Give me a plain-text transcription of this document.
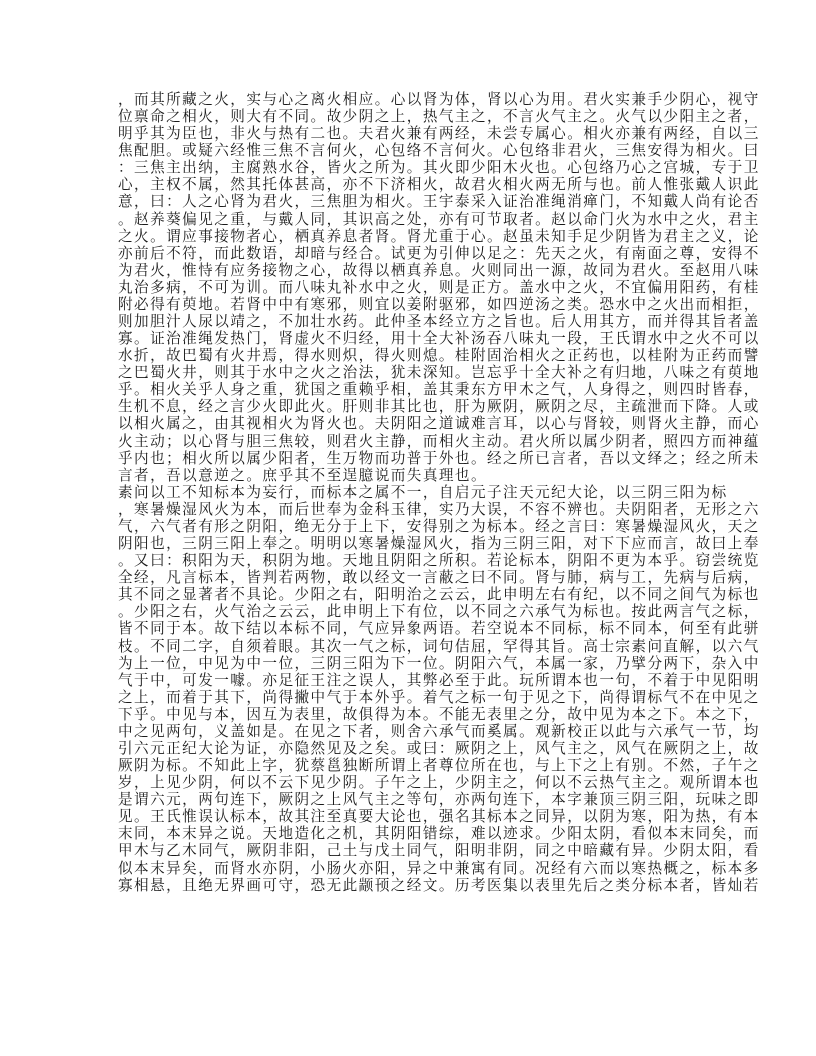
，而其所藏之火，实与心之离火相应。心以肾为体，肾以心为用。君火实兼手少阴心，视守
位禀命之相火，则大有不同。故少阴之上，热气主之，不言火气主之。火气以少阳主之者，
明乎其为臣也，非火与热有二也。夫君火兼有两经，未尝专属心。相火亦兼有两经，自以三
焦配胆。或疑六经惟三焦不言何火，心包络不言何火。心包络非君火，三焦安得为相火。曰
：三焦主出纳，主腐熟水谷，皆火之所为。其火即少阳木火也。心包络乃心之宫城，专于卫
心，主权不属，然其托体甚高，亦不下济相火，故君火相火两无所与也。前人惟张戴人识此
意，曰：人之心肾为君火，三焦胆为相火。王宇泰采入证治准绳消瘅门，不知戴人尚有论否
。赵养葵偏见之重，与戴人同，其识高之处，亦有可节取者。赵以命门火为水中之火，君主
之火。谓应事接物者心，栖真养息者肾。肾尤重于心。赵虽未知手足少阴皆为君主之义，论
亦前后不符，而此数语，却暗与经合。试更为引伸以足之：先天之火，有南面之尊，安得不
为君火，惟恃有应务接物之心，故得以栖真养息。火则同出一源，故同为君火。至赵用八味
丸治多病，不可为训。而八味丸补水中之火，则是正方。盖水中之火，不宜偏用阳药，有桂
附必得有萸地。若肾中中有寒邪，则宜以姜附驱邪，如四逆汤之类。恐水中之火出而相拒，
则加胆汁人尿以靖之，不加壮水药。此仲圣本经立方之旨也。后人用其方，而并得其旨者盖
寡。证治准绳发热门，肾虚火不归经，用十全大补汤吞八味丸一段，王氏谓水中之火不可以
水折，故巴蜀有火井焉，得水则炽，得火则熄。桂附固治相火之正药也，以桂附为正药而譬
之巴蜀火井，则其于水中之火之治法，犹未深知。岂忘乎十全大补之有归地，八味之有萸地
乎。相火关乎人身之重，犹国之重赖乎相，盖其秉东方甲木之气，人身得之，则四时皆春，
生机不息，经之言少火即此火。肝则非其比也，肝为厥阴，厥阴之尽，主疏泄而下降。人或
以相火属之，由其视相火为肾火也。夫阴阳之道诚难言耳，以心与肾较，则肾火主静，而心
火主动；以心肾与胆三焦较，则君火主静，而相火主动。君火所以属少阴者，照四方而神蕴
乎内也；相火所以属少阳者，生万物而功普于外也。经之所已言者，吾以文绎之；经之所未
言者，吾以意逆之。庶乎其不至逞臆说而失真理也。
素问以工不知标本为妄行，而标本之属不一，自启元子注天元纪大论，以三阴三阳为标
，寒暑燥湿风火为本，而后世奉为金科玉律，实乃大误，不容不辨也。夫阴阳者，无形之六
气，六气者有形之阴阳，绝无分于上下，安得别之为标本。经之言曰：寒暑燥湿风火，天之
阴阳也，三阴三阳上奉之。明明以寒暑燥湿风火，指为三阴三阳，对下下应而言，故曰上奉
。又曰：积阳为天，积阴为地。天地且阴阳之所积。若论标本，阴阳不更为本乎。窃尝统览
全经，凡言标本，皆判若两物，敢以经文一言蔽之曰不同。肾与肺，病与工，先病与后病，
其不同之显著者不具论。少阳之右，阳明治之云云，此申明左右有纪，以不同之间气为标也
。少阳之右，火气治之云云，此申明上下有位，以不同之六承气为标也。按此两言气之标，
皆不同于本。故下结以本标不同，气应异象两语。若空说本不同标，标不同本，何至有此骈
枝。不同二字，自须着眼。其次一气之标，词句佶屈，罕得其旨。高士宗素问直解，以六气
为上一位，中见为中一位，三阴三阳为下一位。阴阳六气，本属一家，乃擘分两下，杂入中
气于中，可发一噱。亦足征王注之误人，其弊必至于此。玩所谓本也一句，不着于中见阳明
之上，而着于其下，尚得撇中气于本外乎。着气之标一句于见之下，尚得谓标气不在中见之
下乎。中见与本，因互为表里，故俱得为本。不能无表里之分，故中见为本之下。本之下，
中之见两句，义盖如是。在见之下者，则舍六承气而奚属。观新校正以此与六承气一节，均
引六元正纪大论为证，亦隐然见及之矣。或曰：厥阴之上，风气主之，风气在厥阴之上，故
厥阴为标。不知此上字，犹蔡邕独断所谓上者尊位所在也，与上下之上有别。不然，子午之
岁，上见少阴，何以不云下见少阴。子午之上，少阴主之，何以不云热气主之。观所谓本也
是谓六元，两句连下，厥阴之上风气主之等句，亦两句连下，本字兼顶三阴三阳，玩味之即
见。王氏惟误认标本，故其注至真要大论也，强名其标本之同异，以阴为寒，阳为热，有本
末同，本末异之说。天地造化之机，其阴阳错综，难以迹求。少阳太阴，看似本末同矣，而
甲木与乙木同气，厥阴非阳，己土与戊土同气，阳明非阴，同之中暗藏有异。少阴太阳，看
似本末异矣，而肾水亦阴，小肠火亦阳，异之中兼寓有同。况经有六而以寒热概之，标本多
寡相悬，且绝无界画可守，恐无此颛顸之经文。历考医集以表里先后之类分标本者，皆灿若
